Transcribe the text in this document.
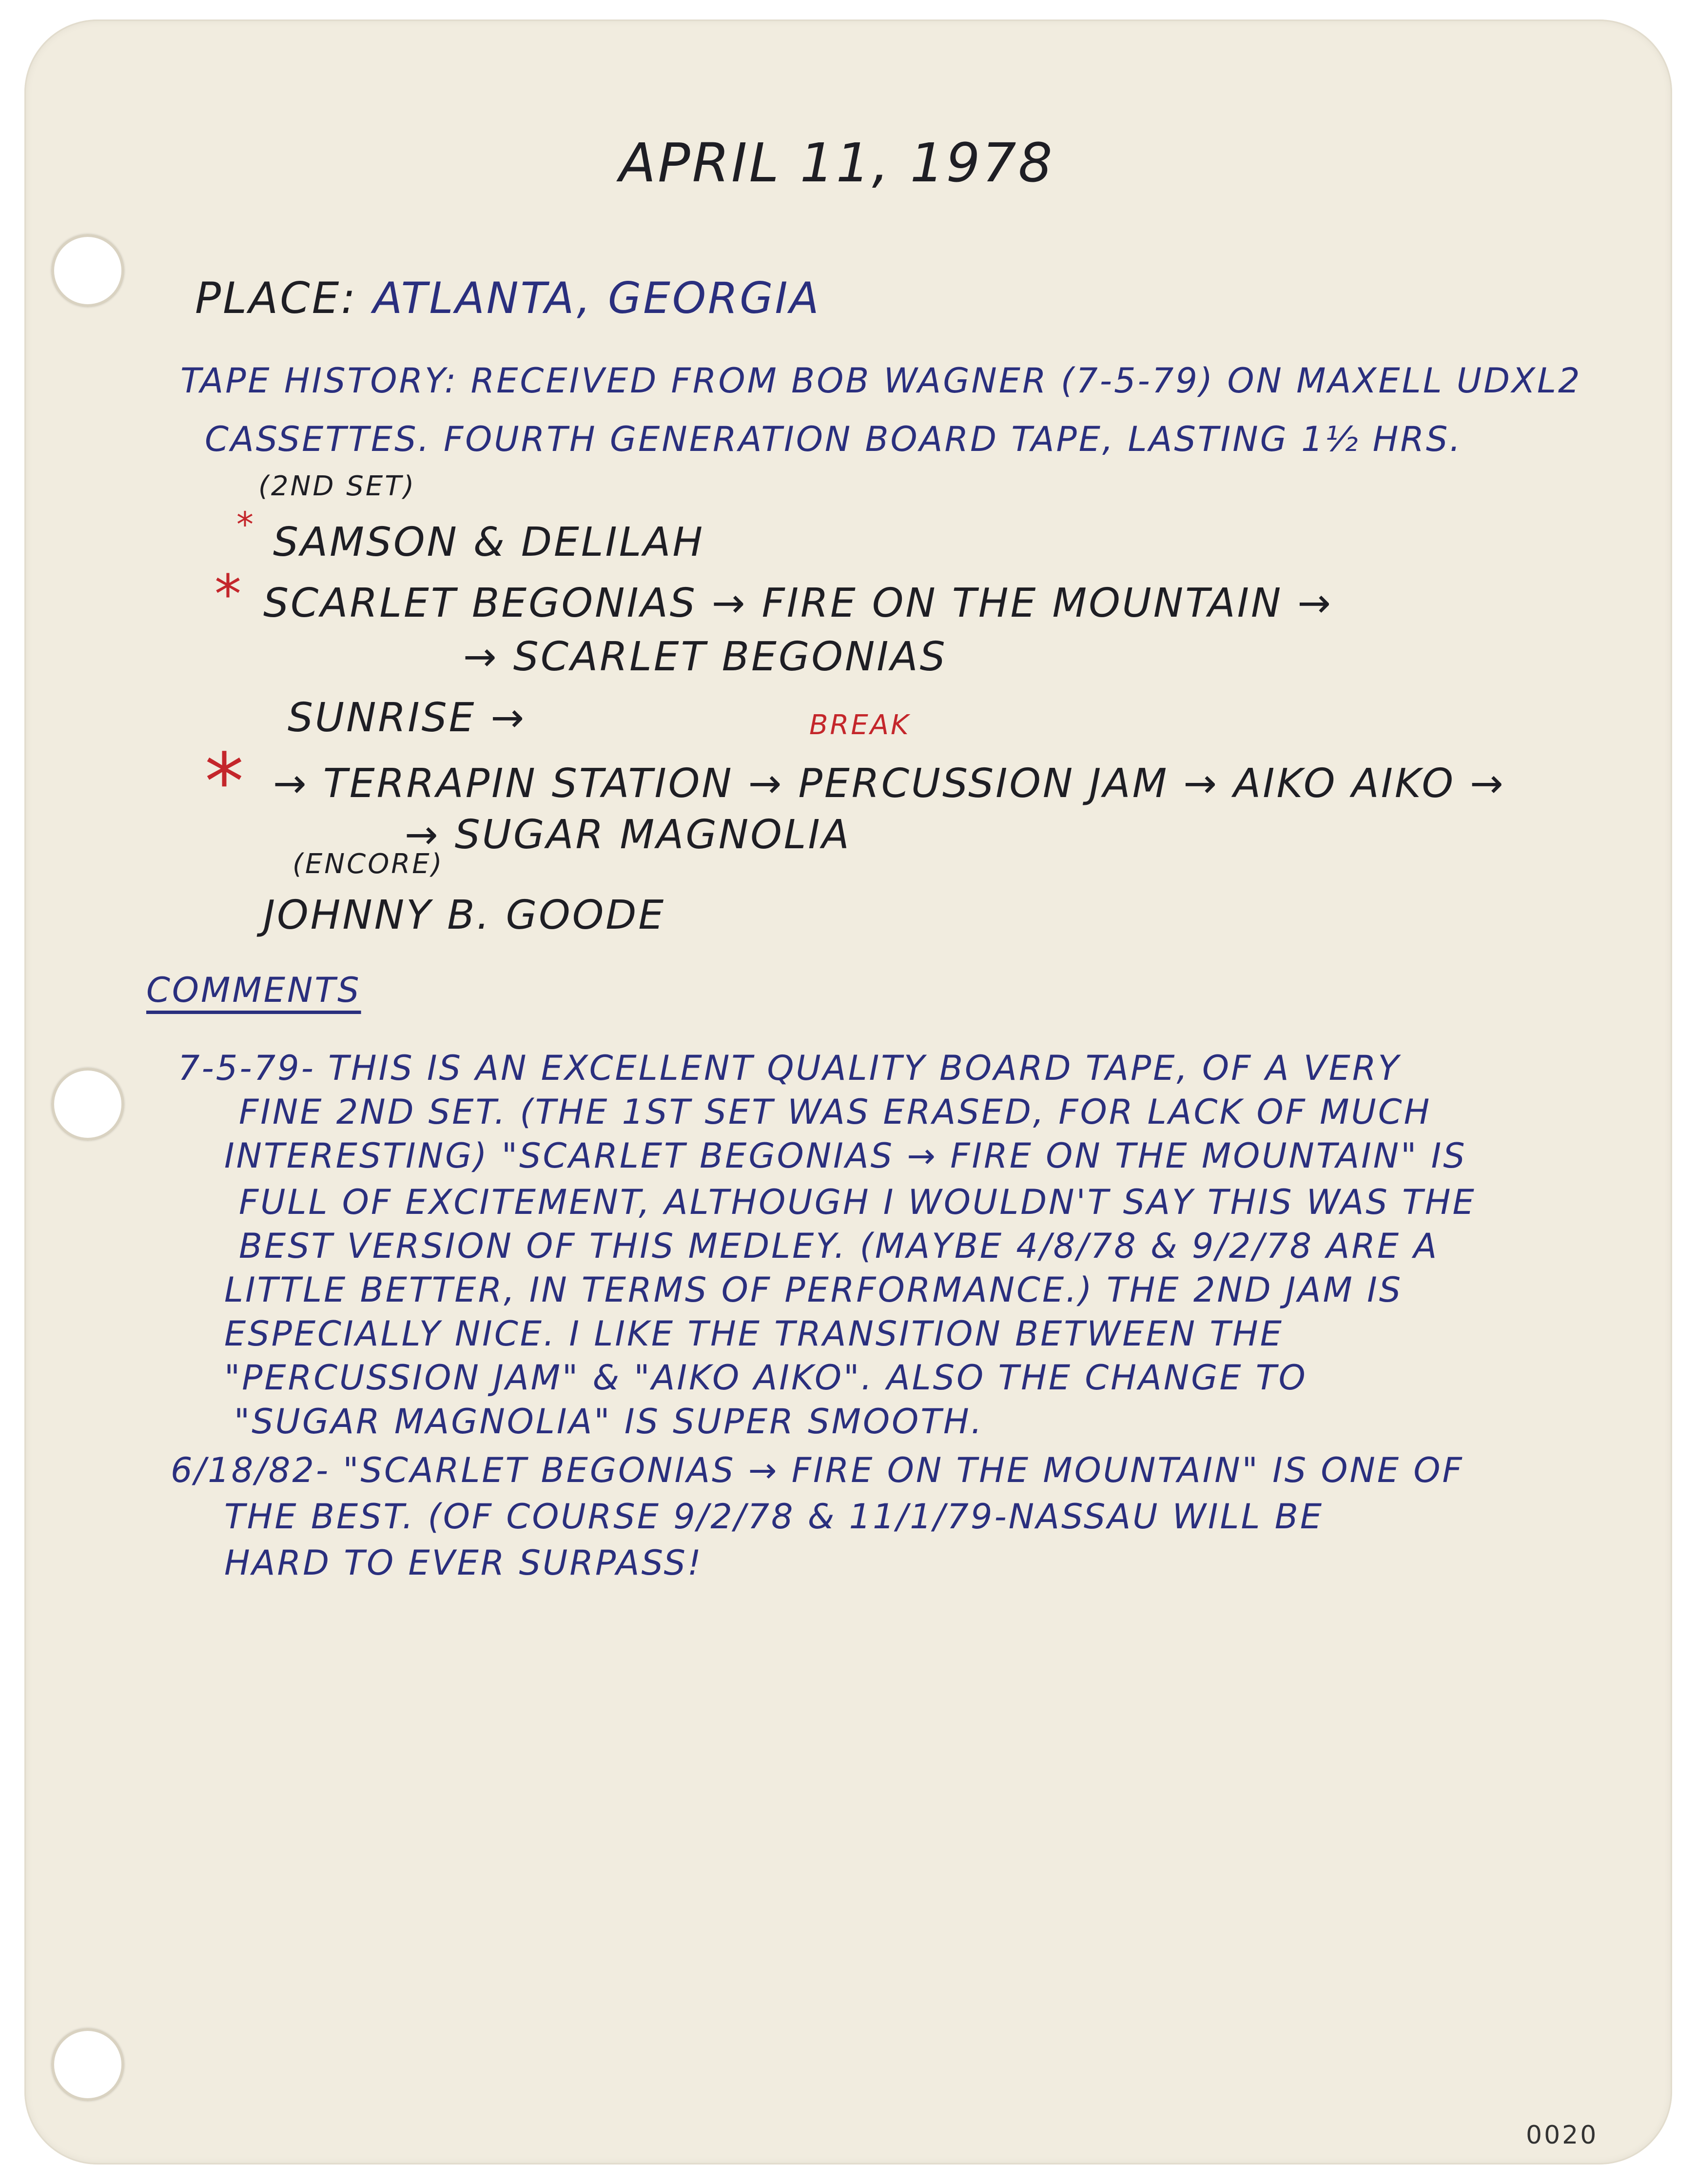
APRIL 11, 1978

PLACE: ATLANTA, GEORGIA

TAPE HISTORY: RECEIVED FROM BOB WAGNER (7-5-79) ON MAXELL UDXL2

CASSETTES. FOURTH GENERATION BOARD TAPE, LASTING 1½ HRS.

(2ND SET)

*

*

*

SAMSON & DELILAH

SCARLET BEGONIAS → FIRE ON THE MOUNTAIN →

→ SCARLET BEGONIAS

SUNRISE →	BREAK

→ TERRAPIN STATION → PERCUSSION JAM → AIKO AIKO →

→ SUGAR MAGNOLIA

(ENCORE)

JOHNNY B. GOODE

COMMENTS

7-5-79- THIS IS AN EXCELLENT QUALITY BOARD TAPE, OF A VERY

FINE 2ND SET. (THE 1ST SET WAS ERASED, FOR LACK OF MUCH

INTERESTING) "SCARLET BEGONIAS → FIRE ON THE MOUNTAIN" IS

FULL OF EXCITEMENT, ALTHOUGH I WOULDN'T SAY THIS WAS THE

BEST VERSION OF THIS MEDLEY. (MAYBE 4/8/78 & 9/2/78 ARE A

LITTLE BETTER, IN TERMS OF PERFORMANCE.) THE 2ND JAM IS

ESPECIALLY NICE. I LIKE THE TRANSITION BETWEEN THE

"PERCUSSION JAM" & "AIKO AIKO". ALSO THE CHANGE TO

"SUGAR MAGNOLIA" IS SUPER SMOOTH.

6/18/82- "SCARLET BEGONIAS → FIRE ON THE MOUNTAIN" IS ONE OF

THE BEST. (OF COURSE 9/2/78 & 11/1/79-NASSAU WILL BE

HARD TO EVER SURPASS!

0020
